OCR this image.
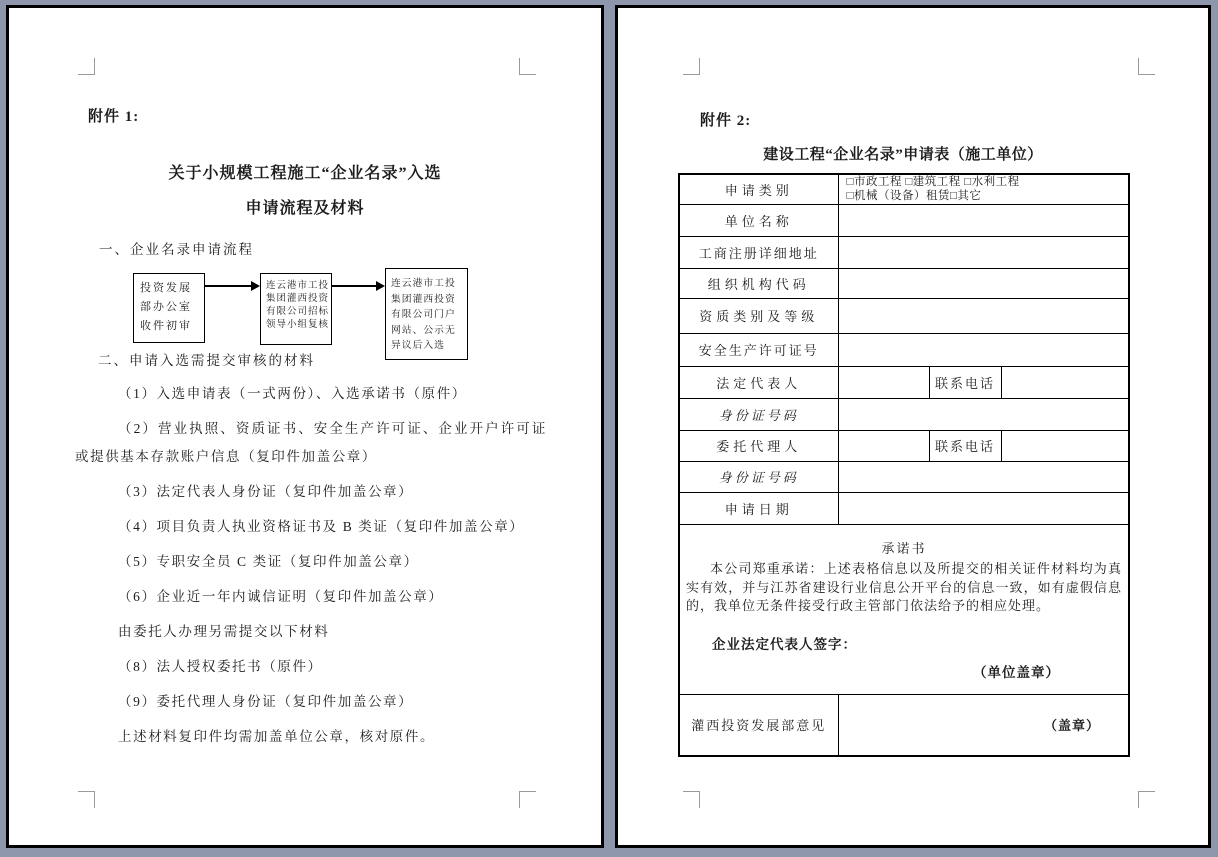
附件 1:
关于小规模工程施工“企业名录”入选
申请流程及材料
一、企业名录申请流程
投资发展部办公室收件初审
连云港市工投集团灌西投资有限公司招标领导小组复核
连云港市工投集团灌西投资有限公司门户网站、公示无异议后入选
二、申请入选需提交审核的材料

（1）入选申请表（一式两份）、入选承诺书（原件）

（2）营业执照、资质证书、安全生产许可证、企业开户许可证或提供基本存款账户信息（复印件加盖公章）

（3）法定代表人身份证（复印件加盖公章）

（4）项目负责人执业资格证书及 B 类证（复印件加盖公章）

（5）专职安全员 C 类证（复印件加盖公章）

（6）企业近一年内诚信证明（复印件加盖公章）

由委托人办理另需提交以下材料

（8）法人授权委托书（原件）

（9）委托代理人身份证（复印件加盖公章）

上述材料复印件均需加盖单位公章，核对原件。

附件 2:
建设工程“企业名录”申请表（施工单位）
申请类别	□市政工程 □建筑工程 □水利工程
□机械（设备）租赁□其它		

单位名称			
工商注册详细地址			
组织机构代码			
资质类别及等级			
安全生产许可证号			
法定代表人		联系电话	
身份证号码			
委托代理人		联系电话	
身份证号码			
申请日期			

承诺书
本公司郑重承诺：上述表格信息以及所提交的相关证件材料均为真实有效，并与江苏省建设行业信息公开平台的信息一致，如有虚假信息的，我单位无条件接受行政主管部门依法给予的相应处理。
企业法定代表人签字：
（单位盖章）			

灌西投资发展部意见	（盖章）		
